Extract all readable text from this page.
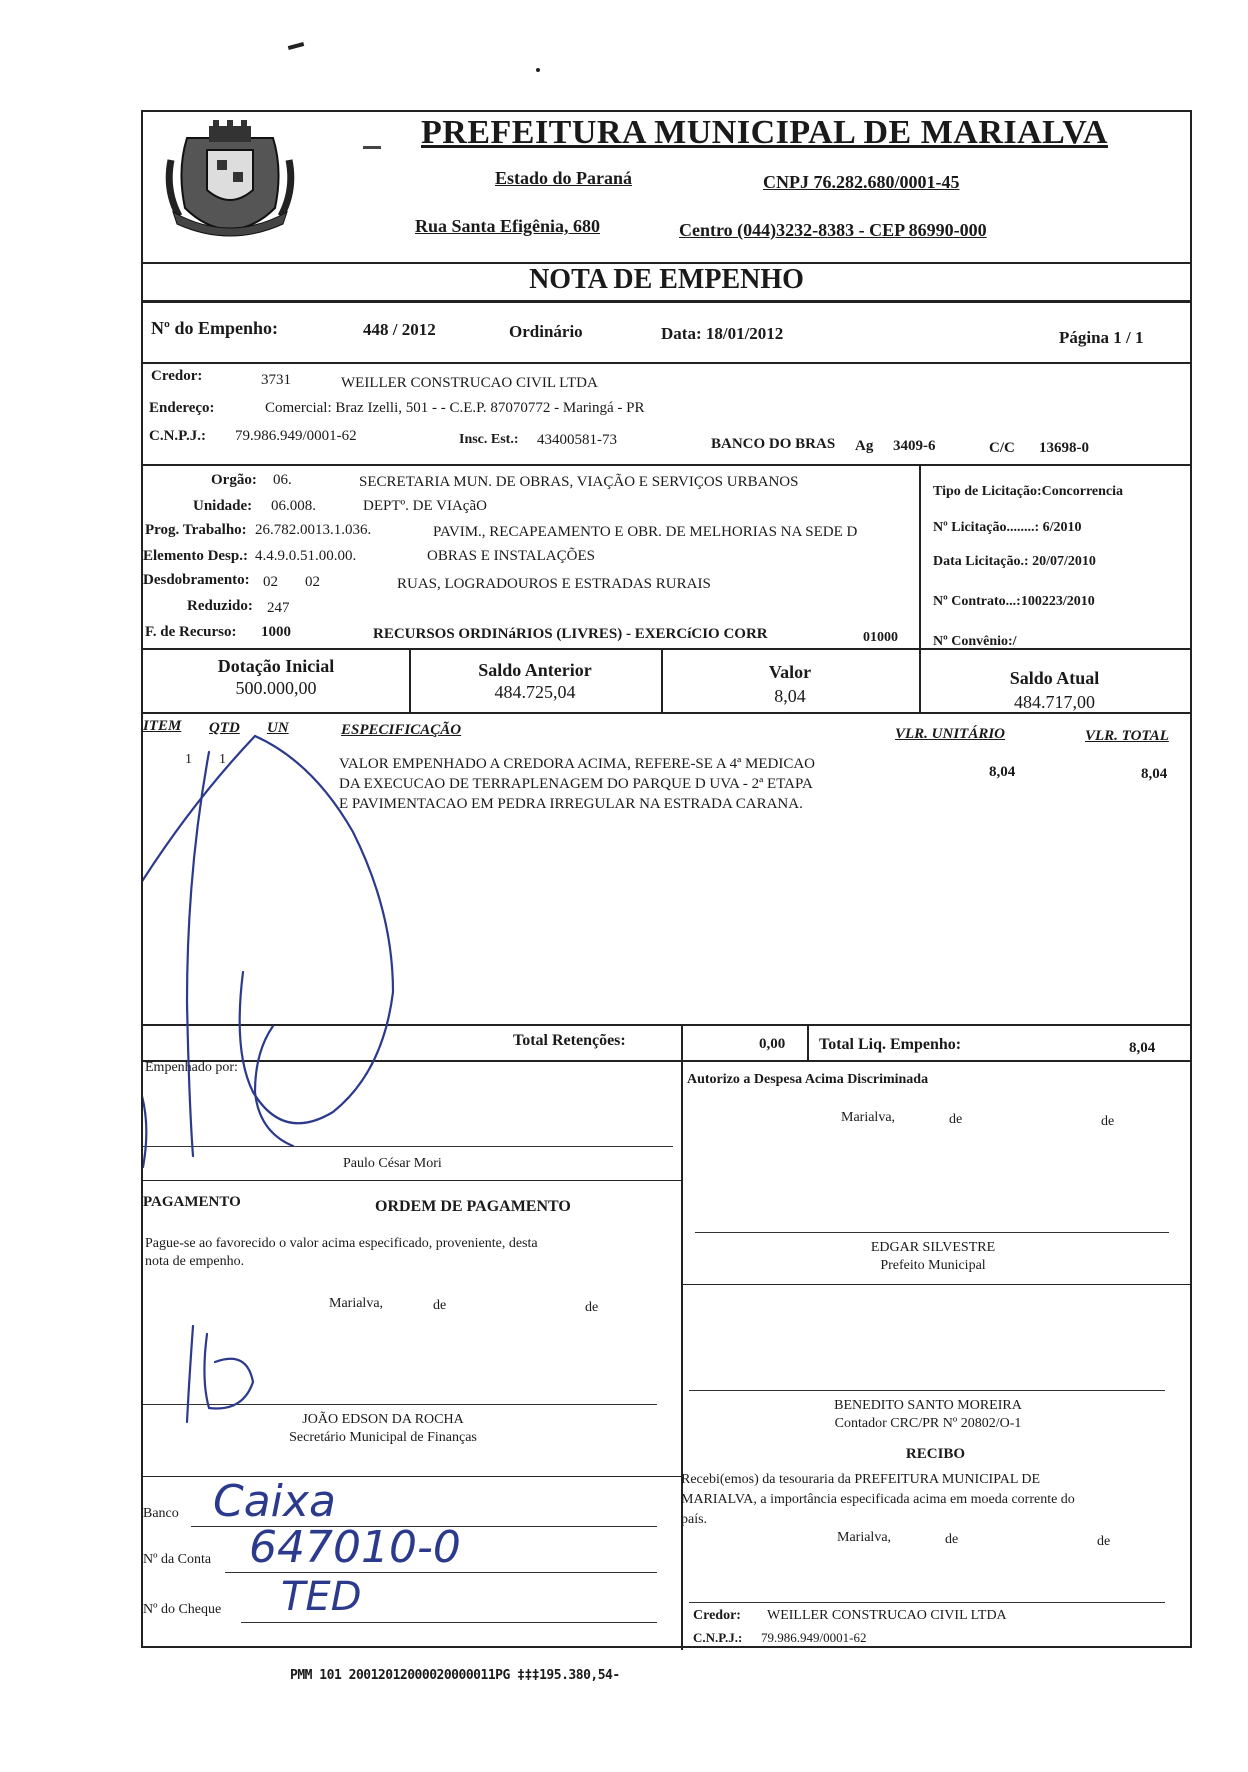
PREFEITURA MUNICIPAL DE MARIALVA
Estado do Paraná	CNPJ 76.282.680/0001-45
Rua Santa Efigênia, 680	Centro (044)3232-8383 - CEP 86990-000
NOTA DE EMPENHO
Nº do Empenho:	448 / 2012	Ordinário	Data: 18/01/2012	Página 1 / 1
Credor:	3731	WEILLER CONSTRUCAO CIVIL LTDA
Endereço:	Comercial: Braz Izelli, 501 - - C.E.P. 87070772 - Maringá - PR
C.N.P.J.: 79.986.949/0001-62	Insc. Est.: 43400581-73	BANCO DO BRAS Ag 3409-6	C/C 13698-0
Orgão: 06.	SECRETARIA MUN. DE OBRAS, VIAÇÃO E SERVIÇOS URBANOS
Unidade: 06.008.	DEPTº. DE VIAçãO
Prog. Trabalho: 26.782.0013.1.036.	PAVIM., RECAPEAMENTO E OBR. DE MELHORIAS NA SEDE D
Elemento Desp.: 4.4.9.0.51.00.00.	OBRAS E INSTALAÇÕES
Desdobramento: 02 02	RUAS, LOGRADOUROS E ESTRADAS RURAIS
Reduzido: 247
F. de Recurso: 1000	RECURSOS ORDINáRIOS (LIVRES) - EXERCíCIO CORR	01000
Tipo de Licitação:Concorrencia
Nº Licitação........: 6/2010
Data Licitação.: 20/07/2010
Nº Contrato...:100223/2010
Nº Convênio:/
Dotação Inicial
500.000,00
Saldo Anterior
484.725,04
Valor
8,04
Saldo Atual
484.717,00
ITEM QTD UN	ESPECIFICAÇÃO	VLR. UNITÁRIO	VLR. TOTAL
1 1	VALOR EMPENHADO A CREDORA ACIMA, REFERE-SE A 4ª MEDICAO
DA EXECUCAO DE TERRAPLENAGEM DO PARQUE D UVA - 2ª ETAPA
E PAVIMENTACAO EM PEDRA IRREGULAR NA ESTRADA CARANA.
8,04	8,04
Total Retenções:	0,00 Total Liq. Empenho:	8,04
Empenhado por:
Paulo César Mori
PAGAMENTO	ORDEM DE PAGAMENTO
Pague-se ao favorecido o valor acima especificado, proveniente, desta
nota de empenho.
Marialva,	de	de
JOÃO EDSON DA ROCHA
Secretário Municipal de Finanças
Banco Caixa
Nº da Conta 647010-0
Nº do Cheque TED
Autorizo a Despesa Acima Discriminada
Marialva,	de	de
EDGAR SILVESTRE
Prefeito Municipal
BENEDITO SANTO MOREIRA
Contador CRC/PR Nº 20802/O-1
RECIBO
Recebi(emos) da tesouraria da PREFEITURA MUNICIPAL DE
MARIALVA, a importância especificada acima em moeda corrente do
país.
Marialva,	de	de
Credor: WEILLER CONSTRUCAO CIVIL LTDA
C.N.P.J.: 79.986.949/0001-62
PMM 101 20012012000020000011PG ‡‡‡195.380,54-
